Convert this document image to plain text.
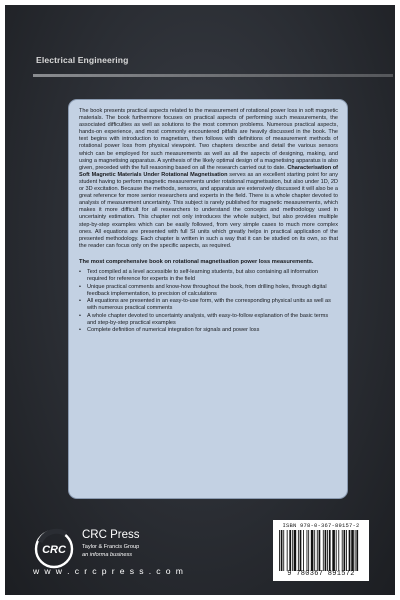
Electrical Engineering

The book presents practical aspects related to the measurement of rotational power loss in soft magnetic materials. The book furthermore focuses on practical aspects of performing such measurements, the associated difficulties as well as solutions to the most common problems. Numerous practical aspects, hands-on experience, and most commonly encountered pitfalls are heavily discussed in the book. The text begins with introduction to magnetism, then follows with definitions of measurement methods of rotational power loss from physical viewpoint. Two chapters describe and detail the various sensors which can be employed for such measurements as well as all the aspects of designing, making, and using a magnetising apparatus. A synthesis of the likely optimal design of a magnetising apparatus is also given, preceded with the full reasoning based on all the research carried out to date. Characterisation of Soft Magnetic Materials Under Rotational Magnetisation serves as an excellent starting point for any student having to perform magnetic measurements under rotational magnetisation, but also under 1D, 2D or 3D excitation. Because the methods, sensors, and apparatus are extensively discussed it will also be a great reference for more senior researchers and experts in the field. There is a whole chapter devoted to analysis of measurement uncertainty. This subject is rarely published for magnetic measurements, which makes it more difficult for all researchers to understand the concepts and methodology used in uncertainty estimation. This chapter not only introduces the whole subject, but also provides multiple step-by-step examples which can be easily followed, from very simple cases to much more complex ones. All equations are presented with full SI units which greatly helps in practical application of the presented methodology. Each chapter is written in such a way that it can be studied on its own, so that the reader can focus only on the specific aspects, as required.

The most comprehensive book on rotational magnetisation power loss measurements.

• Text compiled at a level accessible to self-learning students, but also containing all information required for reference for experts in the field
• Unique practical comments and know-how throughout the book, from drilling holes, through digital feedback implementation, to precision of calculations
• All equations are presented in an easy-to-use form, with the corresponding physical units as well as with numerous practical comments
• A whole chapter devoted to uncertainty analysis, with easy-to-follow explanation of the basic terms and step-by-step practical examples
• Complete definition of numerical integration for signals and power loss
CRC
CRC Press
Taylor & Francis Group
an informa business
w w w . c r c p r e s s . c o m
ISBN 978-0-367-89157-2
9 780367 891572
